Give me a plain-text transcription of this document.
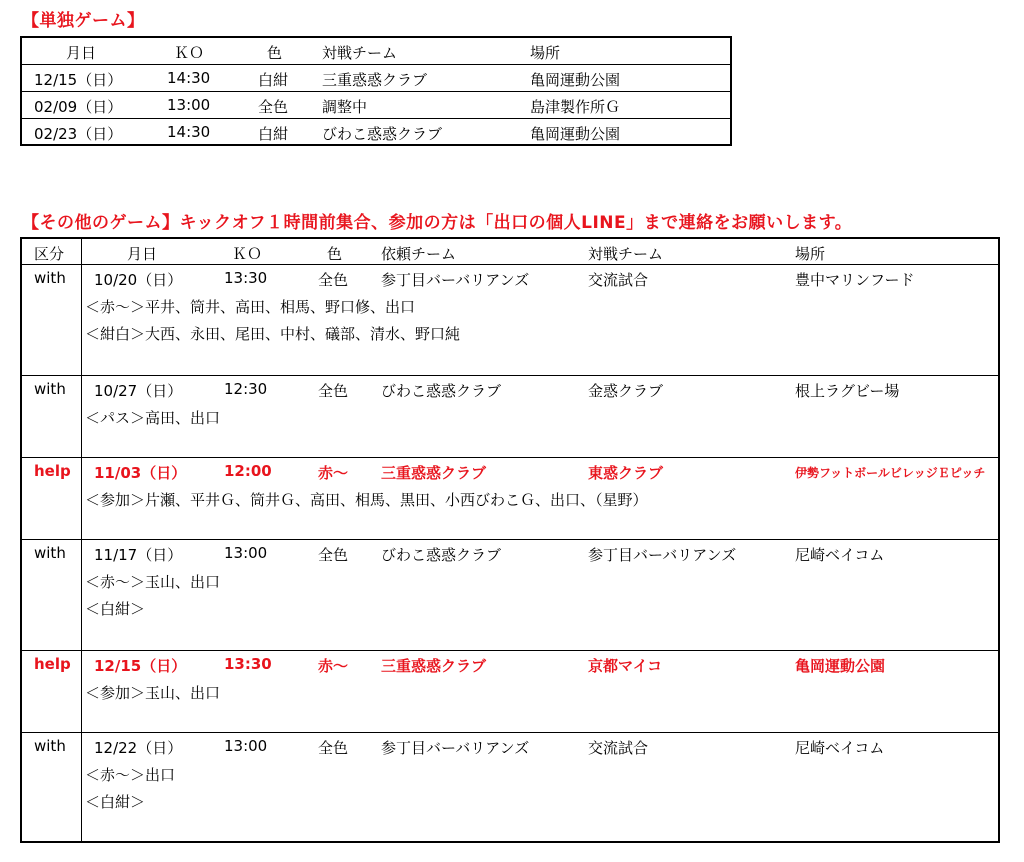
【単独ゲーム】
月日	ＫＯ	色	対戦チーム	場所
12/15（日）	14:30	白紺 三重惑惑クラブ	亀岡運動公園
02/09（日）	13:00	全色 調整中	島津製作所Ｇ
02/23（日）	14:30	白紺 びわこ惑惑クラブ	亀岡運動公園
【その他のゲーム】キックオフ１時間前集合、参加の方は「出口の個人LINE」まで連絡をお願いします。
区分	月日	ＫＯ	色	依頼チーム	対戦チーム	場所
with 10/20（日）	13:30	全色 参丁目バーバリアンズ	交流試合	豊中マリンフード
＜赤～＞平井、筒井、高田、相馬、野口修、出口
＜紺白＞大西、永田、尾田、中村、礒部、清水、野口純
with 10/27（日）	12:30	全色 びわこ惑惑クラブ	金惑クラブ	根上ラグビー場
＜パス＞高田、出口
help 11/03（日）	12:00	赤～ 三重惑惑クラブ	東惑クラブ	伊勢フットボールビレッジＥピッチ
＜参加＞片瀬、平井Ｇ、筒井Ｇ、高田、相馬、黒田、小西びわこＧ、出口、（星野）
with 11/17（日）	13:00	全色 びわこ惑惑クラブ	参丁目バーバリアンズ	尼崎ベイコム
＜赤～＞玉山、出口
＜白紺＞
help 12/15（日）	13:30	赤～ 三重惑惑クラブ	京都マイコ	亀岡運動公園
＜参加＞玉山、出口
with 12/22（日）	13:00	全色 参丁目バーバリアンズ	交流試合	尼崎ベイコム
＜赤～＞出口
＜白紺＞
